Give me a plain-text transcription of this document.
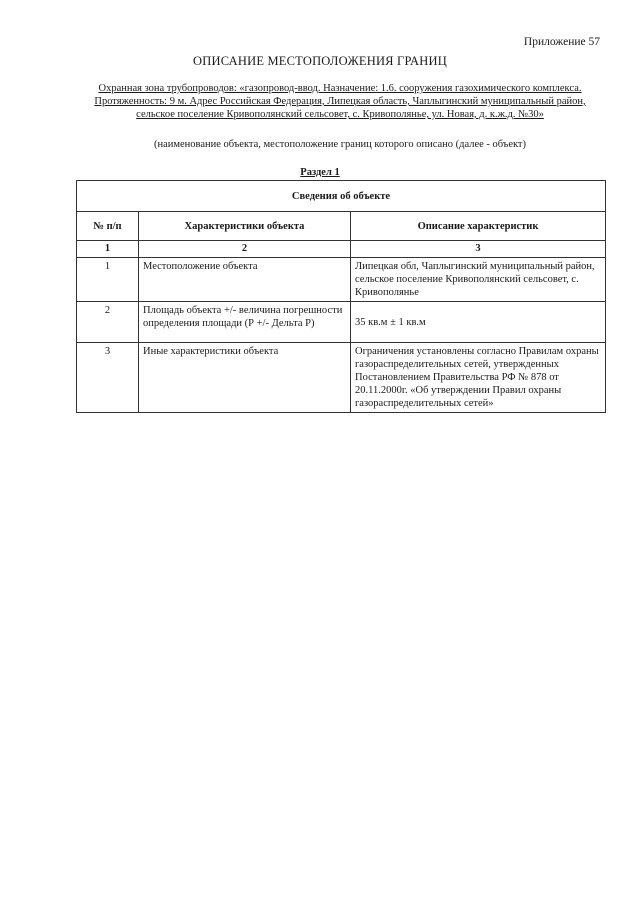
Приложение 57
ОПИСАНИЕ МЕСТОПОЛОЖЕНИЯ ГРАНИЦ
Охранная зона трубопроводов: «газопровод-ввод. Назначение: 1.6. сооружения газохимического комплекса. Протяженность: 9 м. Адрес Российская Федерация, Липецкая область, Чаплыгинский муниципальный район, сельское поселение Кривополянский сельсовет, с. Кривополянье, ул. Новая, д. к.ж.д. №30»
(наименование объекта, местоположение границ которого описано (далее - объект)
Раздел 1
Сведения об объекте		
№ п/п	Характеристики объекта	Описание характеристик
1	2	3
1	Местоположение объекта	Липецкая обл, Чаплыгинский муниципальный район, сельское поселение Кривополянский сельсовет, с. Кривополянье
2	Площадь объекта +/- величина погрешности определения площади (Р +/- Дельта Р)	35 кв.м ± 1 кв.м
3	Иные характеристики объекта	Ограничения установлены согласно Правилам охраны газораспределительных сетей, утвержденных Постановлением Правительства РФ № 878 от 20.11.2000г. «Об утверждении Правил охраны газораспределительных сетей»
